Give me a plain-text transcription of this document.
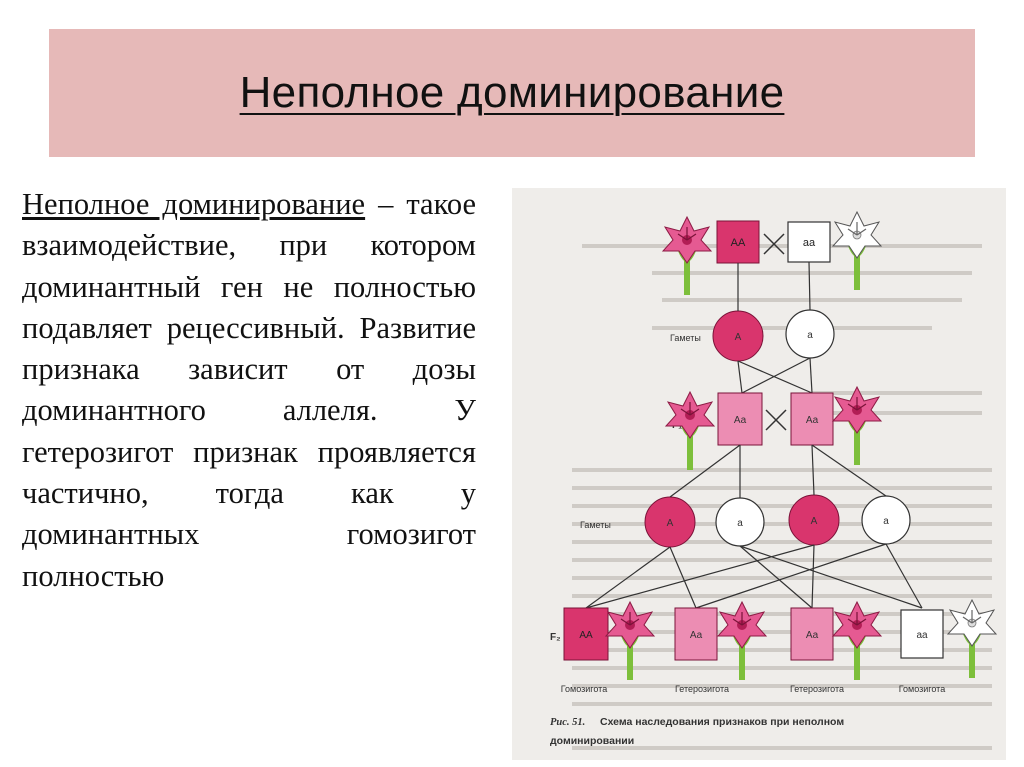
Неполное доминирование
Неполное доминирование – такое взаимодействие, при котором доминантный ген не полностью подавляет рецессивный. Развитие признака зависит от дозы доминантного аллеля. У гетерозигот признак проявляется частично, тогда как у доминантных гомозигот полностью
АА	аа
Гаметы	А	а
Аа	Аа
Гаметы	А	а	А	а
F₂ АА	Аа	Аа	аа
Гомозигота	Гетерозигота	Гетерозигота	Гомозигота
Рис. 51. Схема наследования признаков при неполном
доминировании
